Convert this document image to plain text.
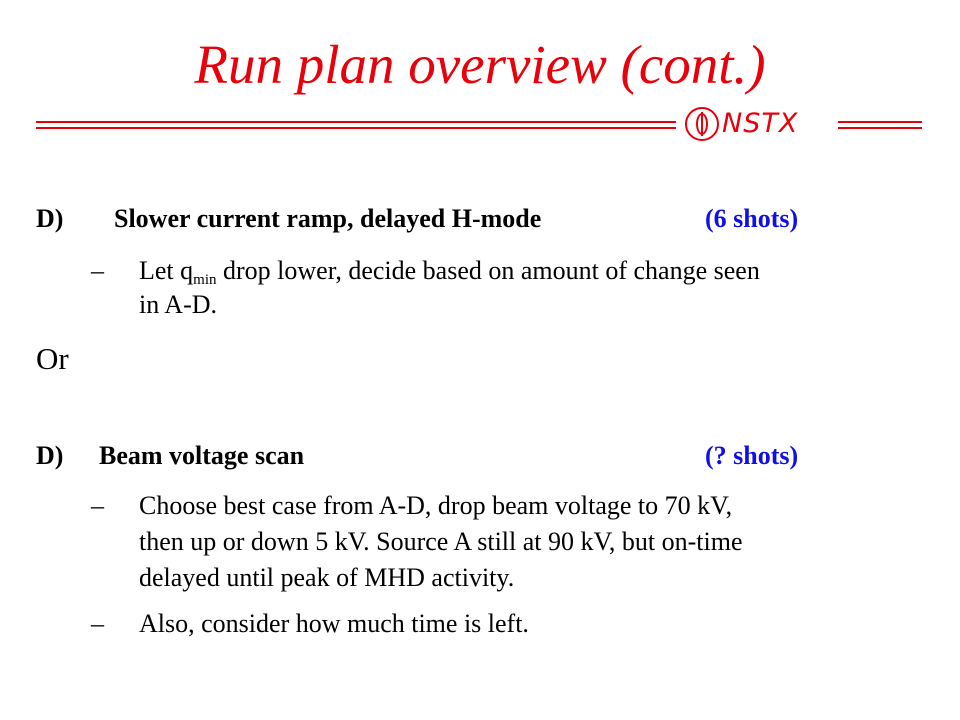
Run plan overview (cont.)
NSTX
D) Slower current ramp, delayed H-mode	(6 shots)
– Let $q_{min}$ drop lower, decide based on amount of change seen
in A-D.
Or
D) Beam voltage scan	(? shots)
– Choose best case from A-D, drop beam voltage to 70 kV,
then up or down 5 kV. Source A still at 90 kV, but on-time
delayed until peak of MHD activity.
– Also, consider how much time is left.
